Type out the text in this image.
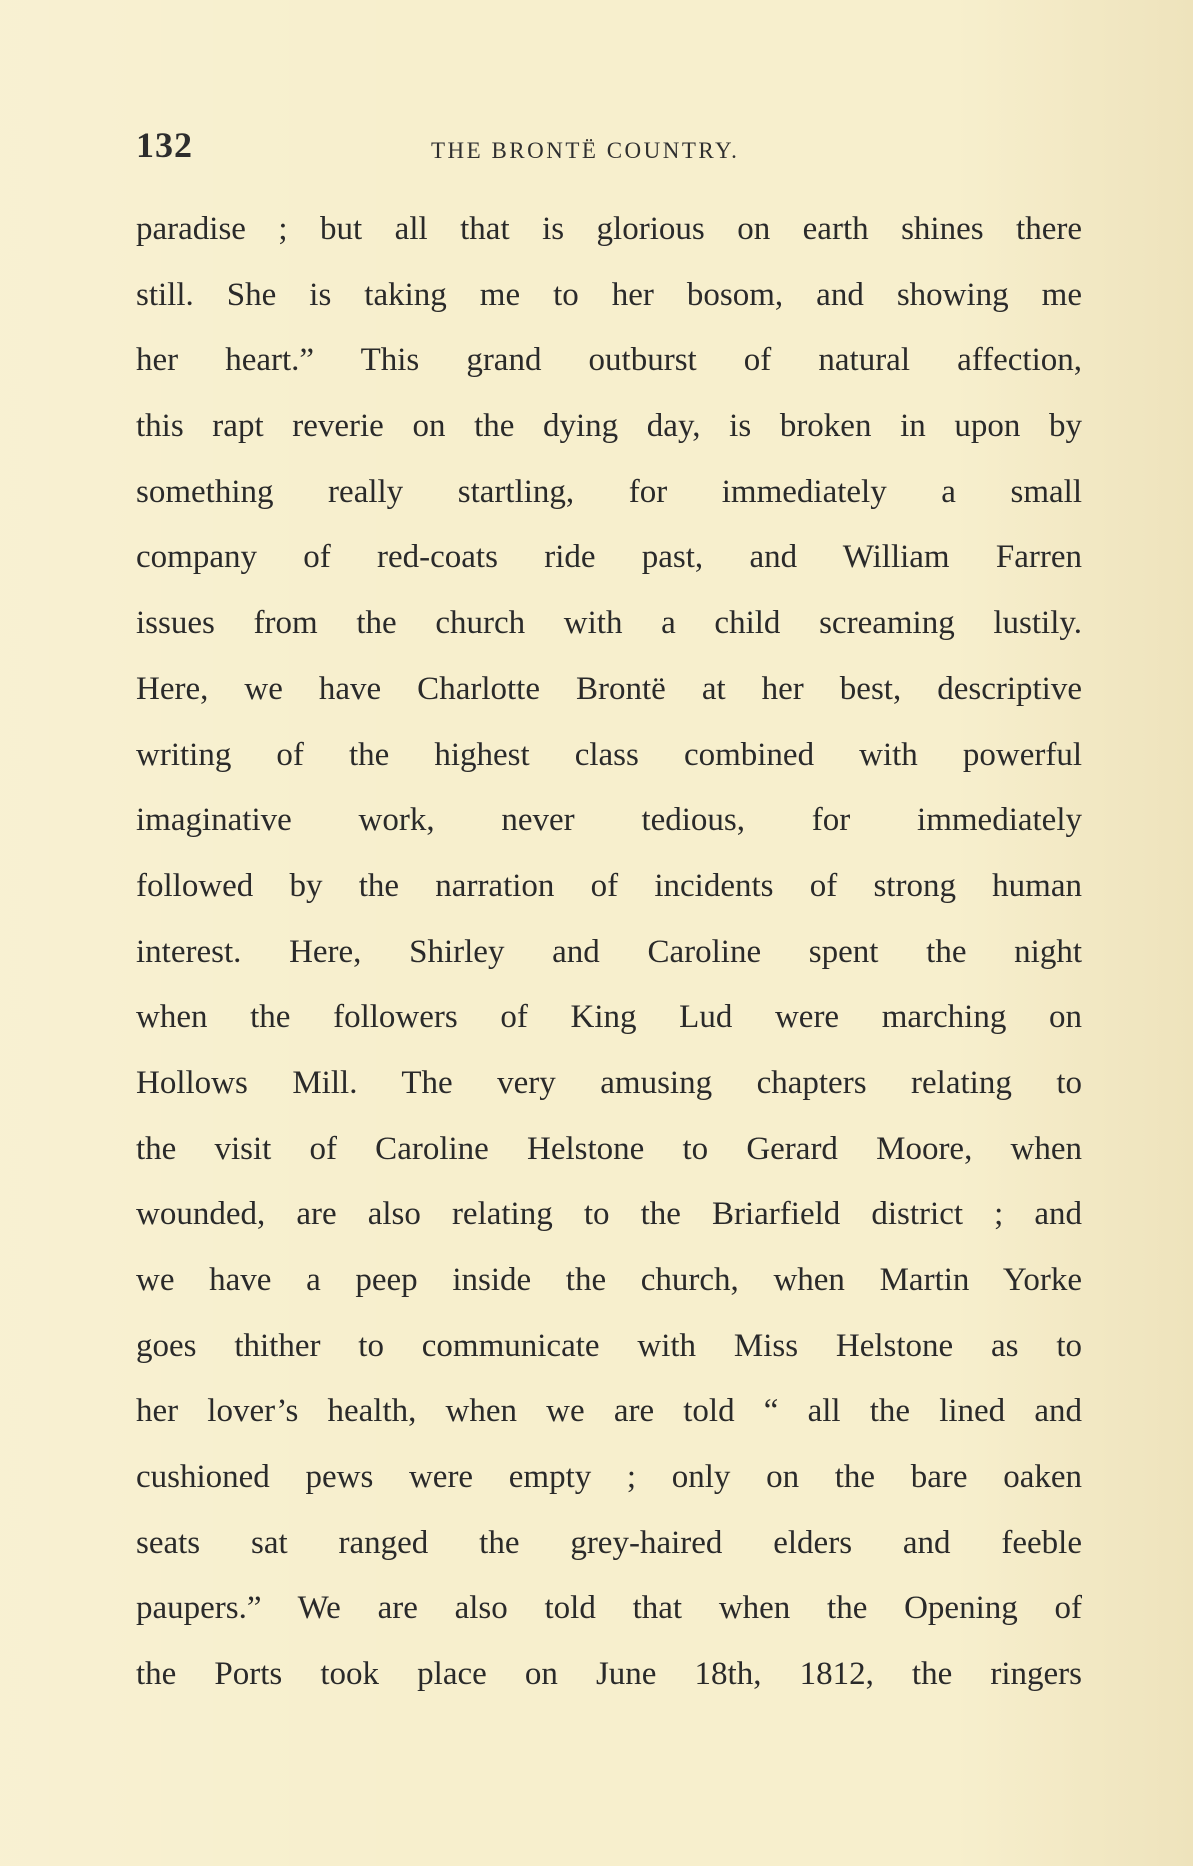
132	THE BRONTË COUNTRY.
paradise ; but all that is glorious on earth shines there
still. She is taking me to her bosom, and showing me
her heart.” This grand outburst of natural affection,
this rapt reverie on the dying day, is broken in upon by
something really startling, for immediately a small
company of red-coats ride past, and William Farren
issues from the church with a child screaming lustily.
Here, we have Charlotte Brontë at her best, descriptive
writing of the highest class combined with powerful
imaginative work, never tedious, for immediately
followed by the narration of incidents of strong human
interest. Here, Shirley and Caroline spent the night
when the followers of King Lud were marching on
Hollows Mill. The very amusing chapters relating to
the visit of Caroline Helstone to Gerard Moore, when
wounded, are also relating to the Briarfield district ; and
we have a peep inside the church, when Martin Yorke
goes thither to communicate with Miss Helstone as to
her lover’s health, when we are told “ all the lined and
cushioned pews were empty ; only on the bare oaken
seats sat ranged the grey-haired elders and feeble
paupers.” We are also told that when the Opening of
the Ports took place on June 18th, 1812, the ringers
